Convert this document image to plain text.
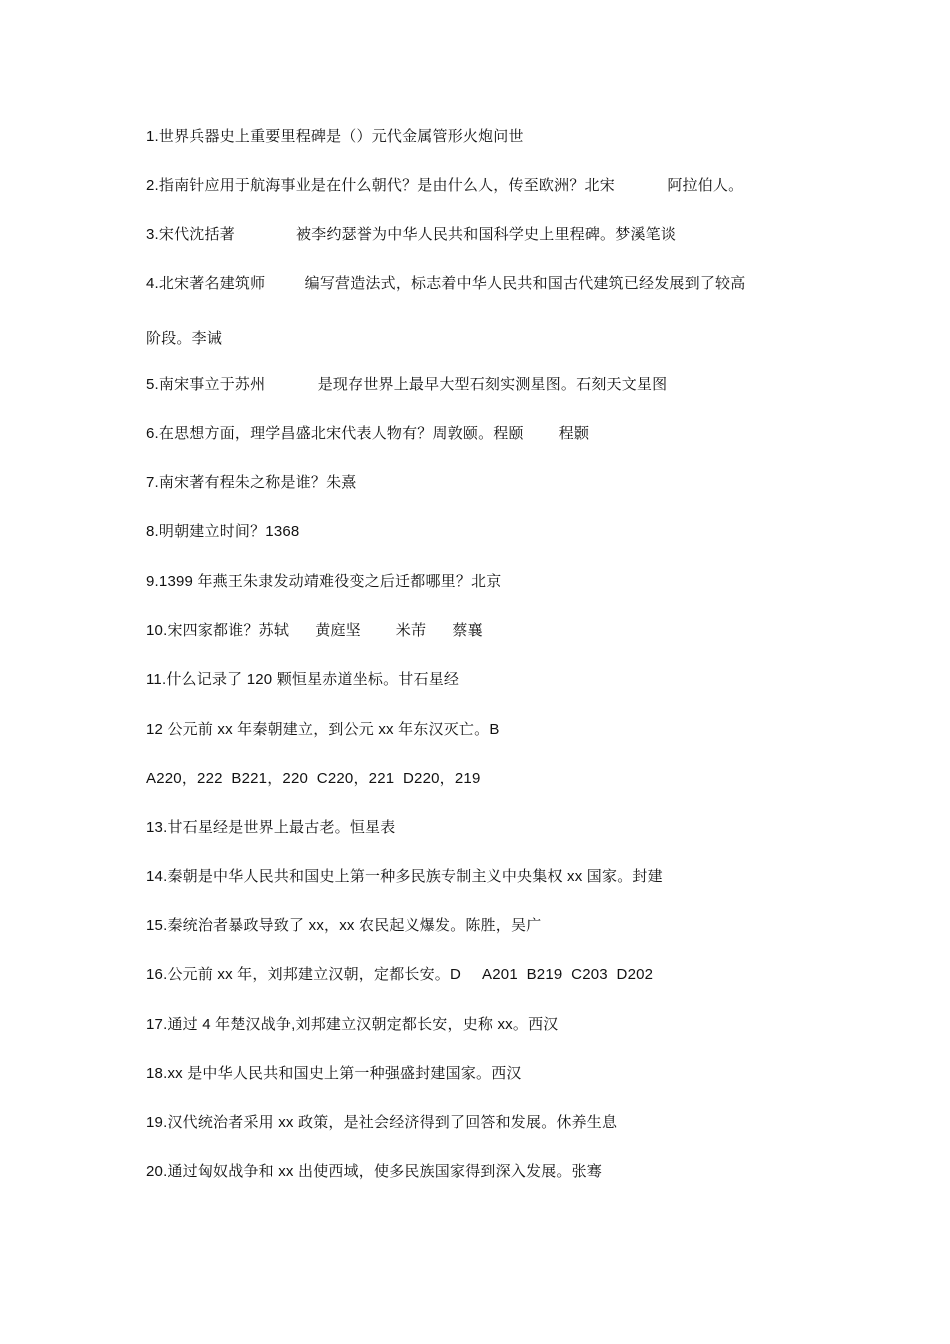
1.世界兵器史上重要里程碑是（）元代金属管形火炮问世
2.指南针应用于航海事业是在什么朝代？是由什么人，传至欧洲？北宋            阿拉伯人。
3.宋代沈括著              被李约瑟誉为中华人民共和国科学史上里程碑。梦溪笔谈
4.北宋著名建筑师         编写营造法式，标志着中华人民共和国古代建筑已经发展到了较高
阶段。李诫
5.南宋事立于苏州            是现存世界上最早大型石刻实测星图。石刻天文星图
6.在思想方面，理学昌盛北宋代表人物有？周敦颐。程颐        程颢
7.南宋著有程朱之称是谁？朱熹
8.明朝建立时间？1368
9.1399 年燕王朱隶发动靖难役变之后迁都哪里？北京
10.宋四家都谁？苏轼      黄庭坚        米芾      蔡襄
11.什么记录了 120 颗恒星赤道坐标。甘石星经
12 公元前 xx 年秦朝建立，到公元 xx 年东汉灭亡。B
A220，222  B221，220  C220，221  D220，219
13.甘石星经是世界上最古老。恒星表
14.秦朝是中华人民共和国史上第一种多民族专制主义中央集权 xx 国家。封建
15.秦统治者暴政导致了 xx，xx 农民起义爆发。陈胜，吴广
16.公元前 xx 年，刘邦建立汉朝，定都长安。D     A201  B219  C203  D202
17.通过 4 年楚汉战争,刘邦建立汉朝定都长安，史称 xx。西汉
18.xx 是中华人民共和国史上第一种强盛封建国家。西汉
19.汉代统治者采用 xx 政策，是社会经济得到了回答和发展。休养生息
20.通过匈奴战争和 xx 出使西域，使多民族国家得到深入发展。张骞
